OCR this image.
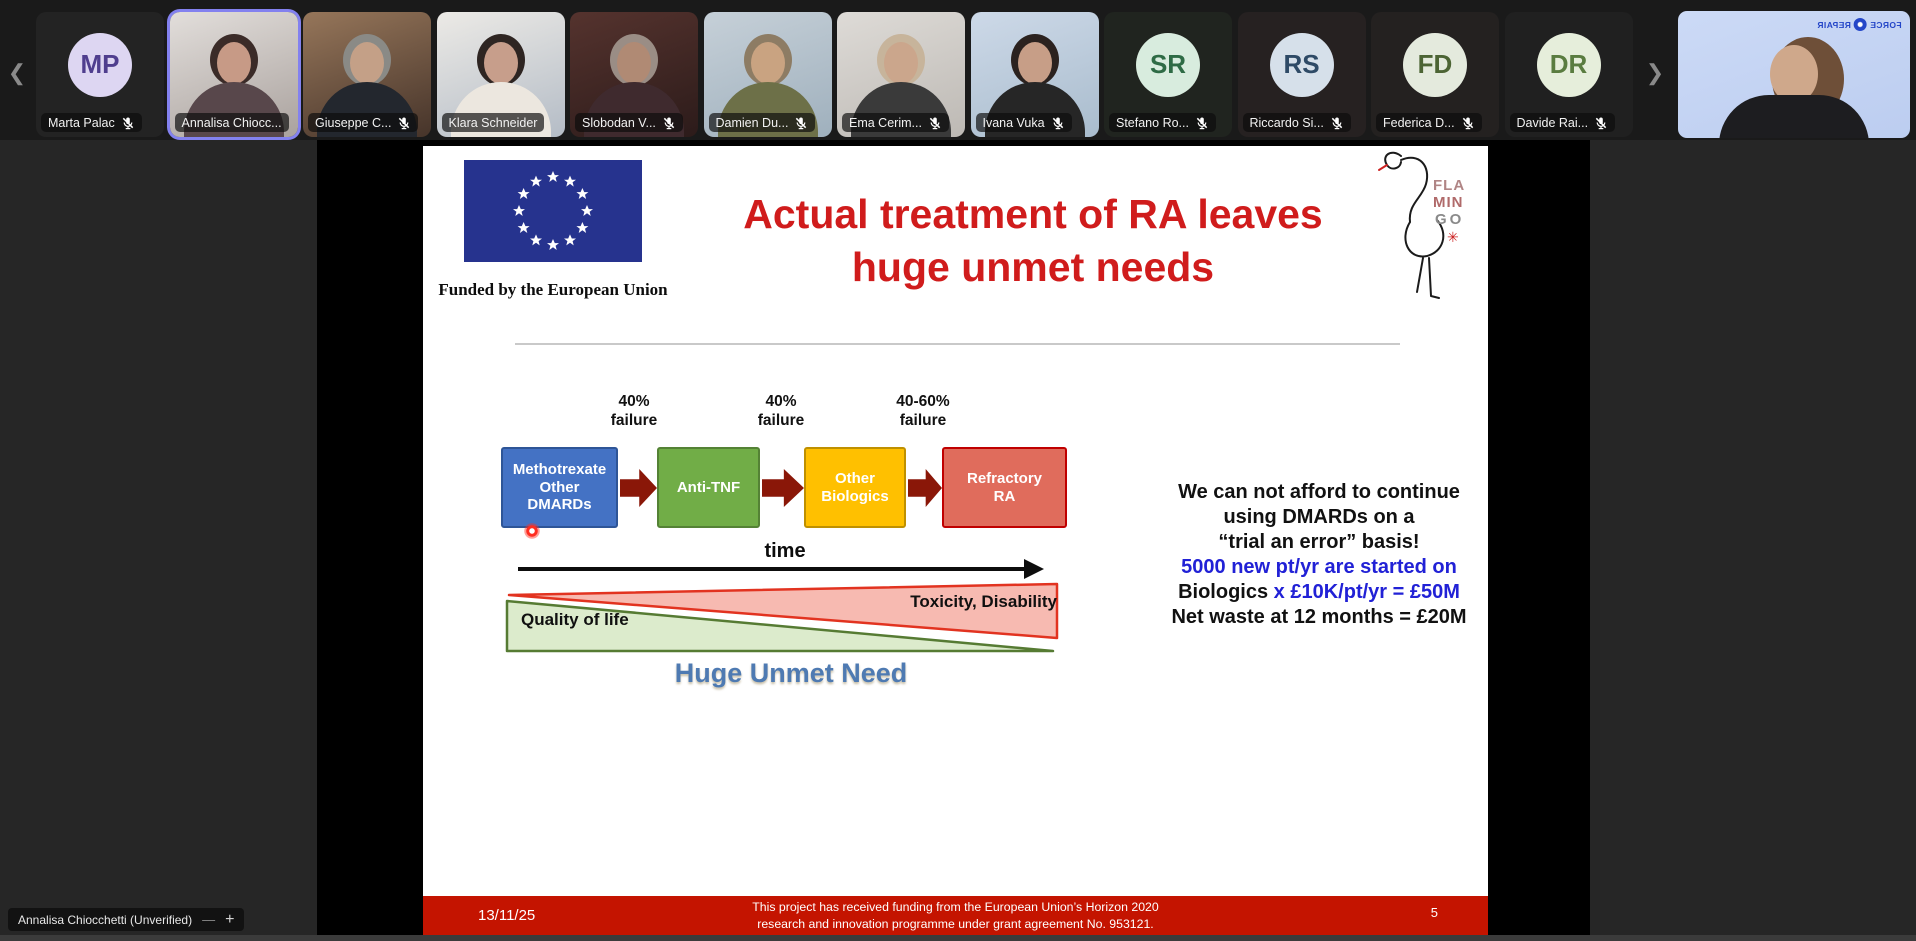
❮	MP
Marta Palac	Annalisa Chiocc...	Giuseppe C...	Klara Schneider	Slobodan V...	Damien Du...	Ema Cerim...	Ivana Vuka
SR
Stefano Ro...
RS
Riccardo Si...
FD
Federica D...
DR
Davide Rai...
❯
FORCE
REPAIR
Funded by the European Union
Actual treatment of RA leaves
huge unmet needs
FLA
MIN
GO
✳
Methotrexate
Other
DMARDs
Anti-TNF
Other
Biologics
Refractory
RA
40%
failure
40%
failure
40-60%
failure
time
Quality of life
Toxicity, Disability
Huge Unmet Need
We can not afford to continue
using DMARDs on a
“trial an error” basis!
5000 new pt/yr are started on
Biologics x £10K/pt/yr = £50M
Net waste at 12 months = £20M
13/11/25	This project has received funding from the European Union’s Horizon 2020
research and innovation programme under grant agreement No. 953121.
5
Annalisa Chiocchetti (Unverified) — +
